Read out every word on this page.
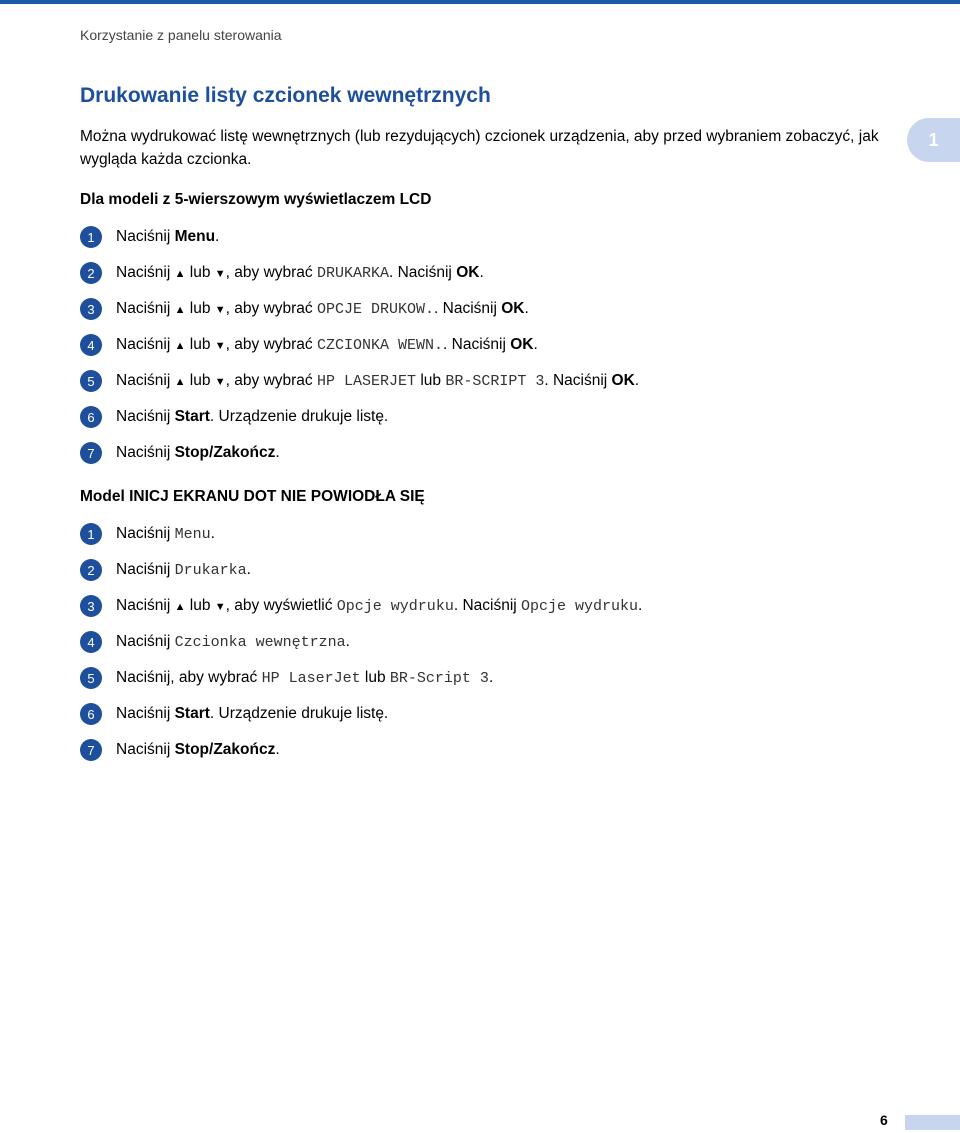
Korzystanie z panelu sterowania
1
Drukowanie listy czcionek wewnętrznych

Można wydrukować listę wewnętrznych (lub rezydujących) czcionek urządzenia, aby przed wybraniem zobaczyć, jak wygląda każda czcionka.

Dla modeli z 5-wierszowym wyświetlaczem LCD
1	Naciśnij Menu.
2	Naciśnij ▲ lub ▼, aby wybrać DRUKARKA. Naciśnij OK.
3	Naciśnij ▲ lub ▼, aby wybrać OPCJE DRUKOW.. Naciśnij OK.
4	Naciśnij ▲ lub ▼, aby wybrać CZCIONKA WEWN.. Naciśnij OK.
5	Naciśnij ▲ lub ▼, aby wybrać HP LASERJET lub BR-SCRIPT 3. Naciśnij OK.
6	Naciśnij Start. Urządzenie drukuje listę.
7	Naciśnij Stop/Zakończ.
Model INICJ EKRANU DOT NIE POWIODŁA SIĘ
1	Naciśnij Menu.
2	Naciśnij Drukarka.
3	Naciśnij ▲ lub ▼, aby wyświetlić Opcje wydruku. Naciśnij Opcje wydruku.
4	Naciśnij Czcionka wewnętrzna.
5	Naciśnij, aby wybrać HP LaserJet lub BR-Script 3.
6	Naciśnij Start. Urządzenie drukuje listę.
7	Naciśnij Stop/Zakończ.
6
